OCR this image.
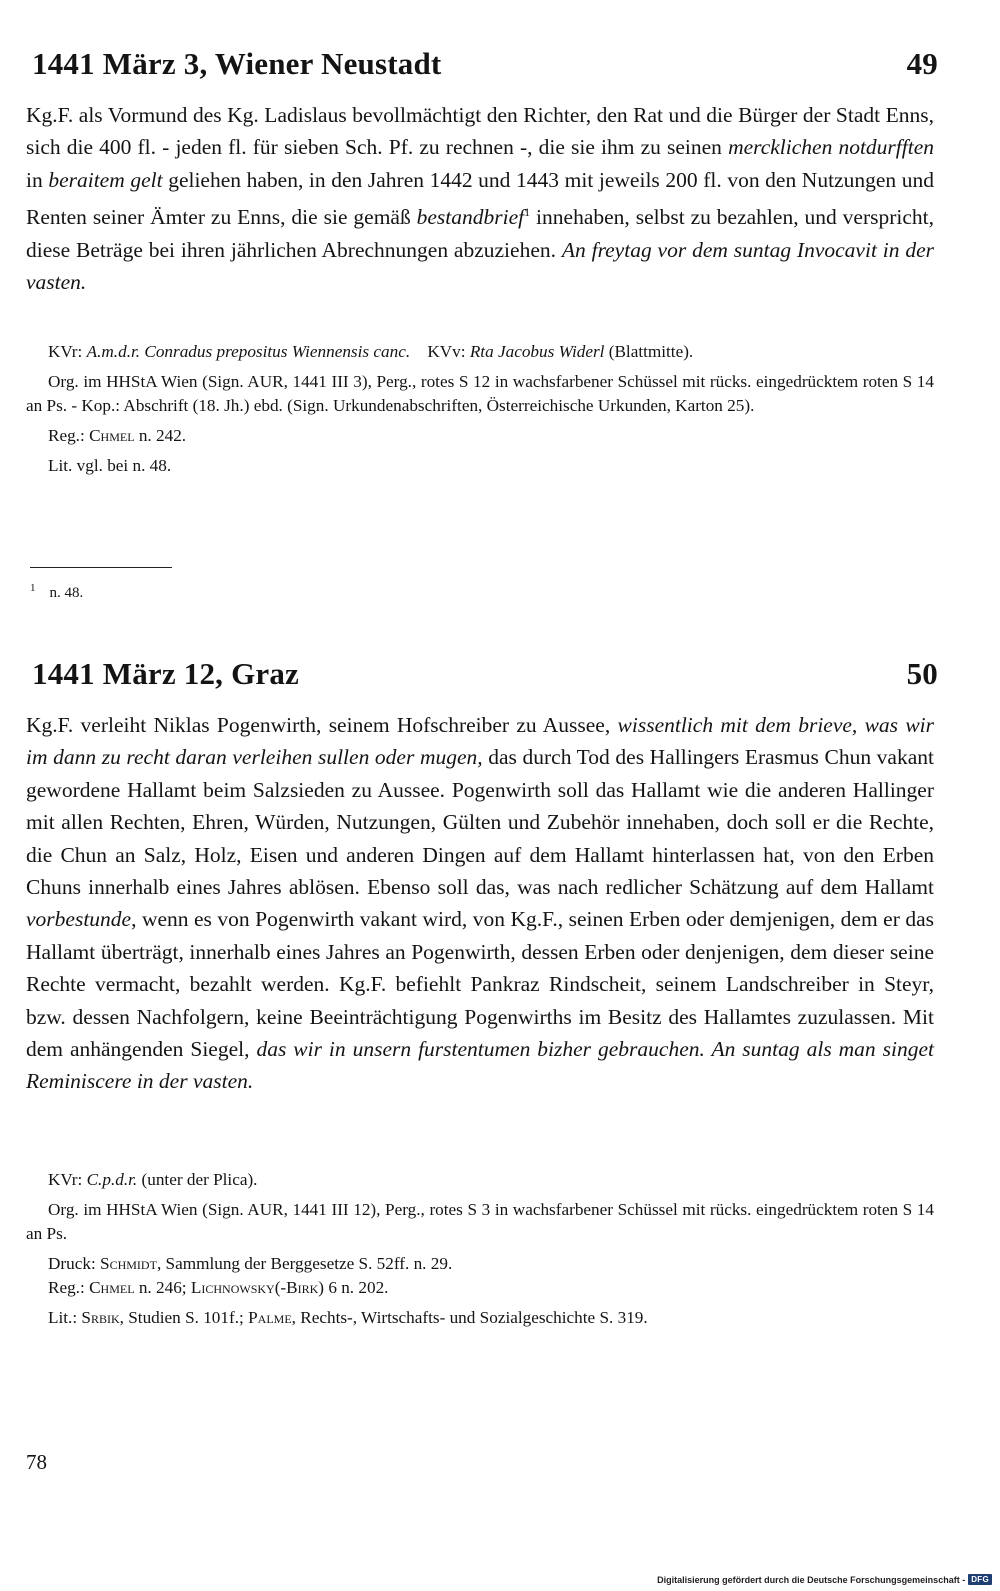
1441 März 3, Wiener Neustadt	49
Kg.F. als Vormund des Kg. Ladislaus bevollmächtigt den Richter, den Rat und die Bürger der Stadt Enns, sich die 400 fl. - jeden fl. für sieben Sch. Pf. zu rechnen -, die sie ihm zu seinen mercklichen notdurfften in beraitem gelt geliehen haben, in den Jahren 1442 und 1443 mit jeweils 200 fl. von den Nutzungen und Renten seiner Ämter zu Enns, die sie gemäß bestandbrief$^1$ innehaben, selbst zu bezahlen, und verspricht, diese Beträge bei ihren jährlichen Abrechnungen abzuziehen. An freytag vor dem suntag Invocavit in der vasten.
KVr: A.m.d.r. Conradus prepositus Wiennensis canc. KVv: Rta Jacobus Widerl (Blattmitte).
Org. im HHStA Wien (Sign. AUR, 1441 III 3), Perg., rotes S 12 in wachsfarbener Schüssel mit rücks. eingedrücktem roten S 14 an Ps. - Kop.: Abschrift (18. Jh.) ebd. (Sign. Urkundenabschriften, Österreichische Urkunden, Karton 25).
Reg.: Chmel n. 242.
Lit. vgl. bei n. 48.
$^1$ n. 48.
1441 März 12, Graz	50
Kg.F. verleiht Niklas Pogenwirth, seinem Hofschreiber zu Aussee, wissentlich mit dem brieve, was wir im dann zu recht daran verleihen sullen oder mugen, das durch Tod des Hallingers Erasmus Chun vakant gewordene Hallamt beim Salzsieden zu Aussee. Pogenwirth soll das Hallamt wie die anderen Hallinger mit allen Rechten, Ehren, Würden, Nutzungen, Gülten und Zubehör innehaben, doch soll er die Rechte, die Chun an Salz, Holz, Eisen und anderen Dingen auf dem Hallamt hinterlassen hat, von den Erben Chuns innerhalb eines Jahres ablösen. Ebenso soll das, was nach redlicher Schätzung auf dem Hallamt vorbestunde, wenn es von Pogenwirth vakant wird, von Kg.F., seinen Erben oder demjenigen, dem er das Hallamt überträgt, innerhalb eines Jahres an Pogenwirth, dessen Erben oder denjenigen, dem dieser seine Rechte vermacht, bezahlt werden. Kg.F. befiehlt Pankraz Rindscheit, seinem Landschreiber in Steyr, bzw. dessen Nachfolgern, keine Beeinträchtigung Pogenwirths im Besitz des Hallamtes zuzulassen. Mit dem anhängenden Siegel, das wir in unsern furstentumen bizher gebrauchen. An suntag als man singet Reminiscere in der vasten.
KVr: C.p.d.r. (unter der Plica).
Org. im HHStA Wien (Sign. AUR, 1441 III 12), Perg., rotes S 3 in wachsfarbener Schüssel mit rücks. eingedrücktem roten S 14 an Ps.
Druck: Schmidt, Sammlung der Berggesetze S. 52ff. n. 29.
Reg.: Chmel n. 246; Lichnowsky(-Birk) 6 n. 202.
Lit.: Srbik, Studien S. 101f.; Palme, Rechts-, Wirtschafts- und Sozialgeschichte S. 319.
78
Digitalisierung gefördert durch die Deutsche Forschungsgemeinschaft - DFG
